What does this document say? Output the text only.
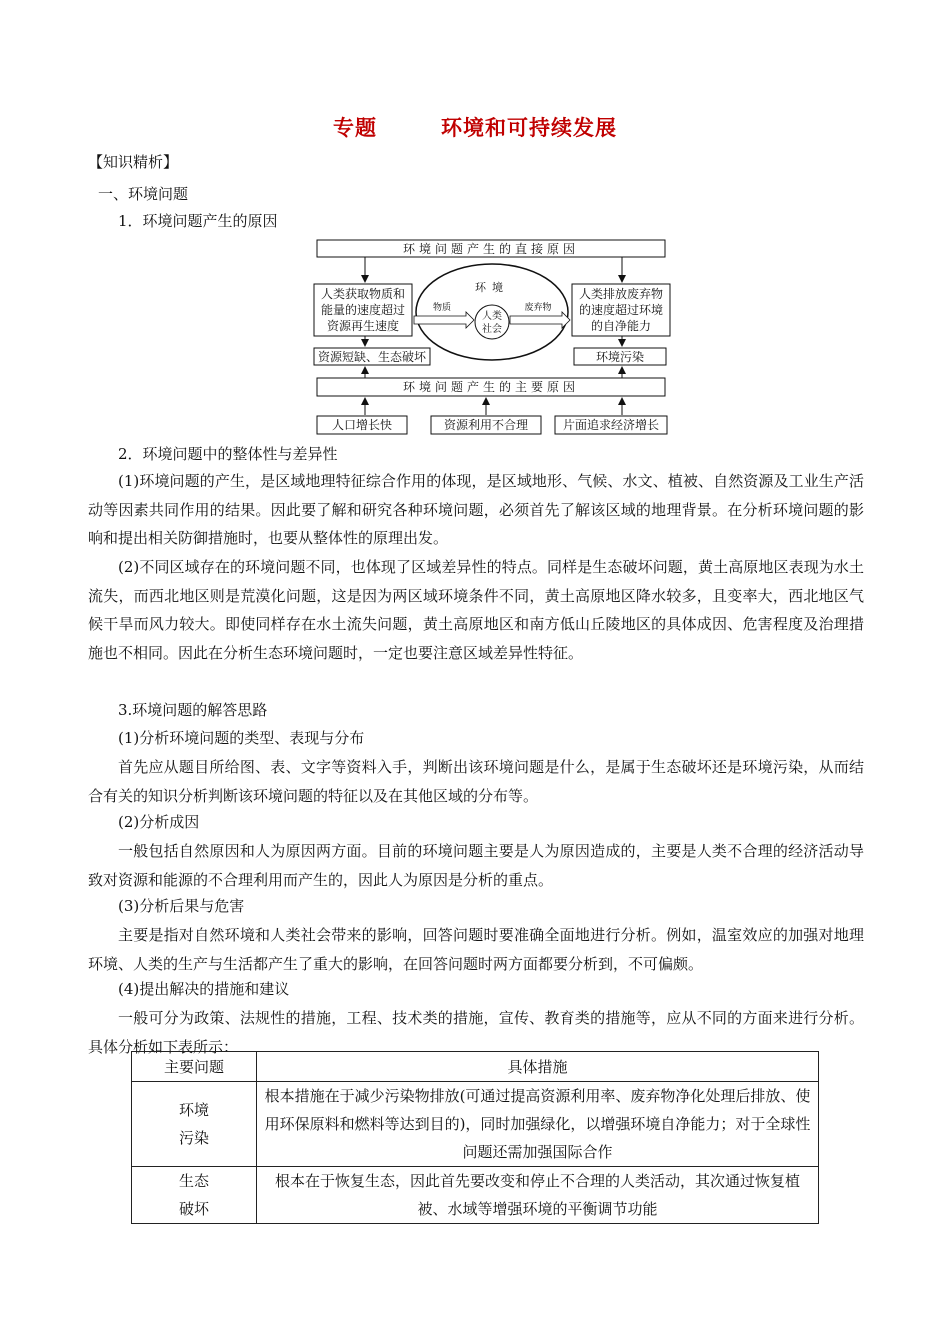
专题	环境和可持续发展
【知识精析】
一、环境问题
1．环境问题产生的原因
环境问题产生的直接原因
人类获取物质和
能量的速度超过
资源再生速度
人类排放废弃物
的速度超过环境
的自净能力
环境
人类
社会
物质	废弃物
资源短缺、生态破坏	环境污染
环境问题产生的主要原因
人口增长快	资源利用不合理	片面追求经济增长
2．环境问题中的整体性与差异性
(1)环境问题的产生，是区域地理特征综合作用的体现，是区域地形、气候、水文、植被、自然资源及工业生产活动等因素共同作用的结果。因此要了解和研究各种环境问题，必须首先了解该区域的地理背景。在分析环境问题的影响和提出相关防御措施时，也要从整体性的原理出发。
(2)不同区域存在的环境问题不同，也体现了区域差异性的特点。同样是生态破坏问题，黄土高原地区表现为水土流失，而西北地区则是荒漠化问题，这是因为两区域环境条件不同，黄土高原地区降水较多，且变率大，西北地区气候干旱而风力较大。即使同样存在水土流失问题，黄土高原地区和南方低山丘陵地区的具体成因、危害程度及治理措施也不相同。因此在分析生态环境问题时，一定也要注意区域差异性特征。
3.环境问题的解答思路
(1)分析环境问题的类型、表现与分布
首先应从题目所给图、表、文字等资料入手，判断出该环境问题是什么，是属于生态破坏还是环境污染，从而结合有关的知识分析判断该环境问题的特征以及在其他区域的分布等。
(2)分析成因
一般包括自然原因和人为原因两方面。目前的环境问题主要是人为原因造成的，主要是人类不合理的经济活动导致对资源和能源的不合理利用而产生的，因此人为原因是分析的重点。
(3)分析后果与危害
主要是指对自然环境和人类社会带来的影响，回答问题时要准确全面地进行分析。例如，温室效应的加强对地理环境、人类的生产与生活都产生了重大的影响，在回答问题时两方面都要分析到，不可偏颇。
(4)提出解决的措施和建议
一般可分为政策、法规性的措施，工程、技术类的措施，宣传、教育类的措施等，应从不同的方面来进行分析。具体分析如下表所示：
主要问题	具体措施

环境
污染	根本措施在于减少污染物排放(可通过提高资源利用率、废弃物净化处理后排放、使用环保原料和燃料等达到目的)，同时加强绿化，以增强环境自净能力；对于全球性问题还需加强国际合作

生态
破坏	根本在于恢复生态，因此首先要改变和停止不合理的人类活动，其次通过恢复植被、水域等增强环境的平衡调节功能
